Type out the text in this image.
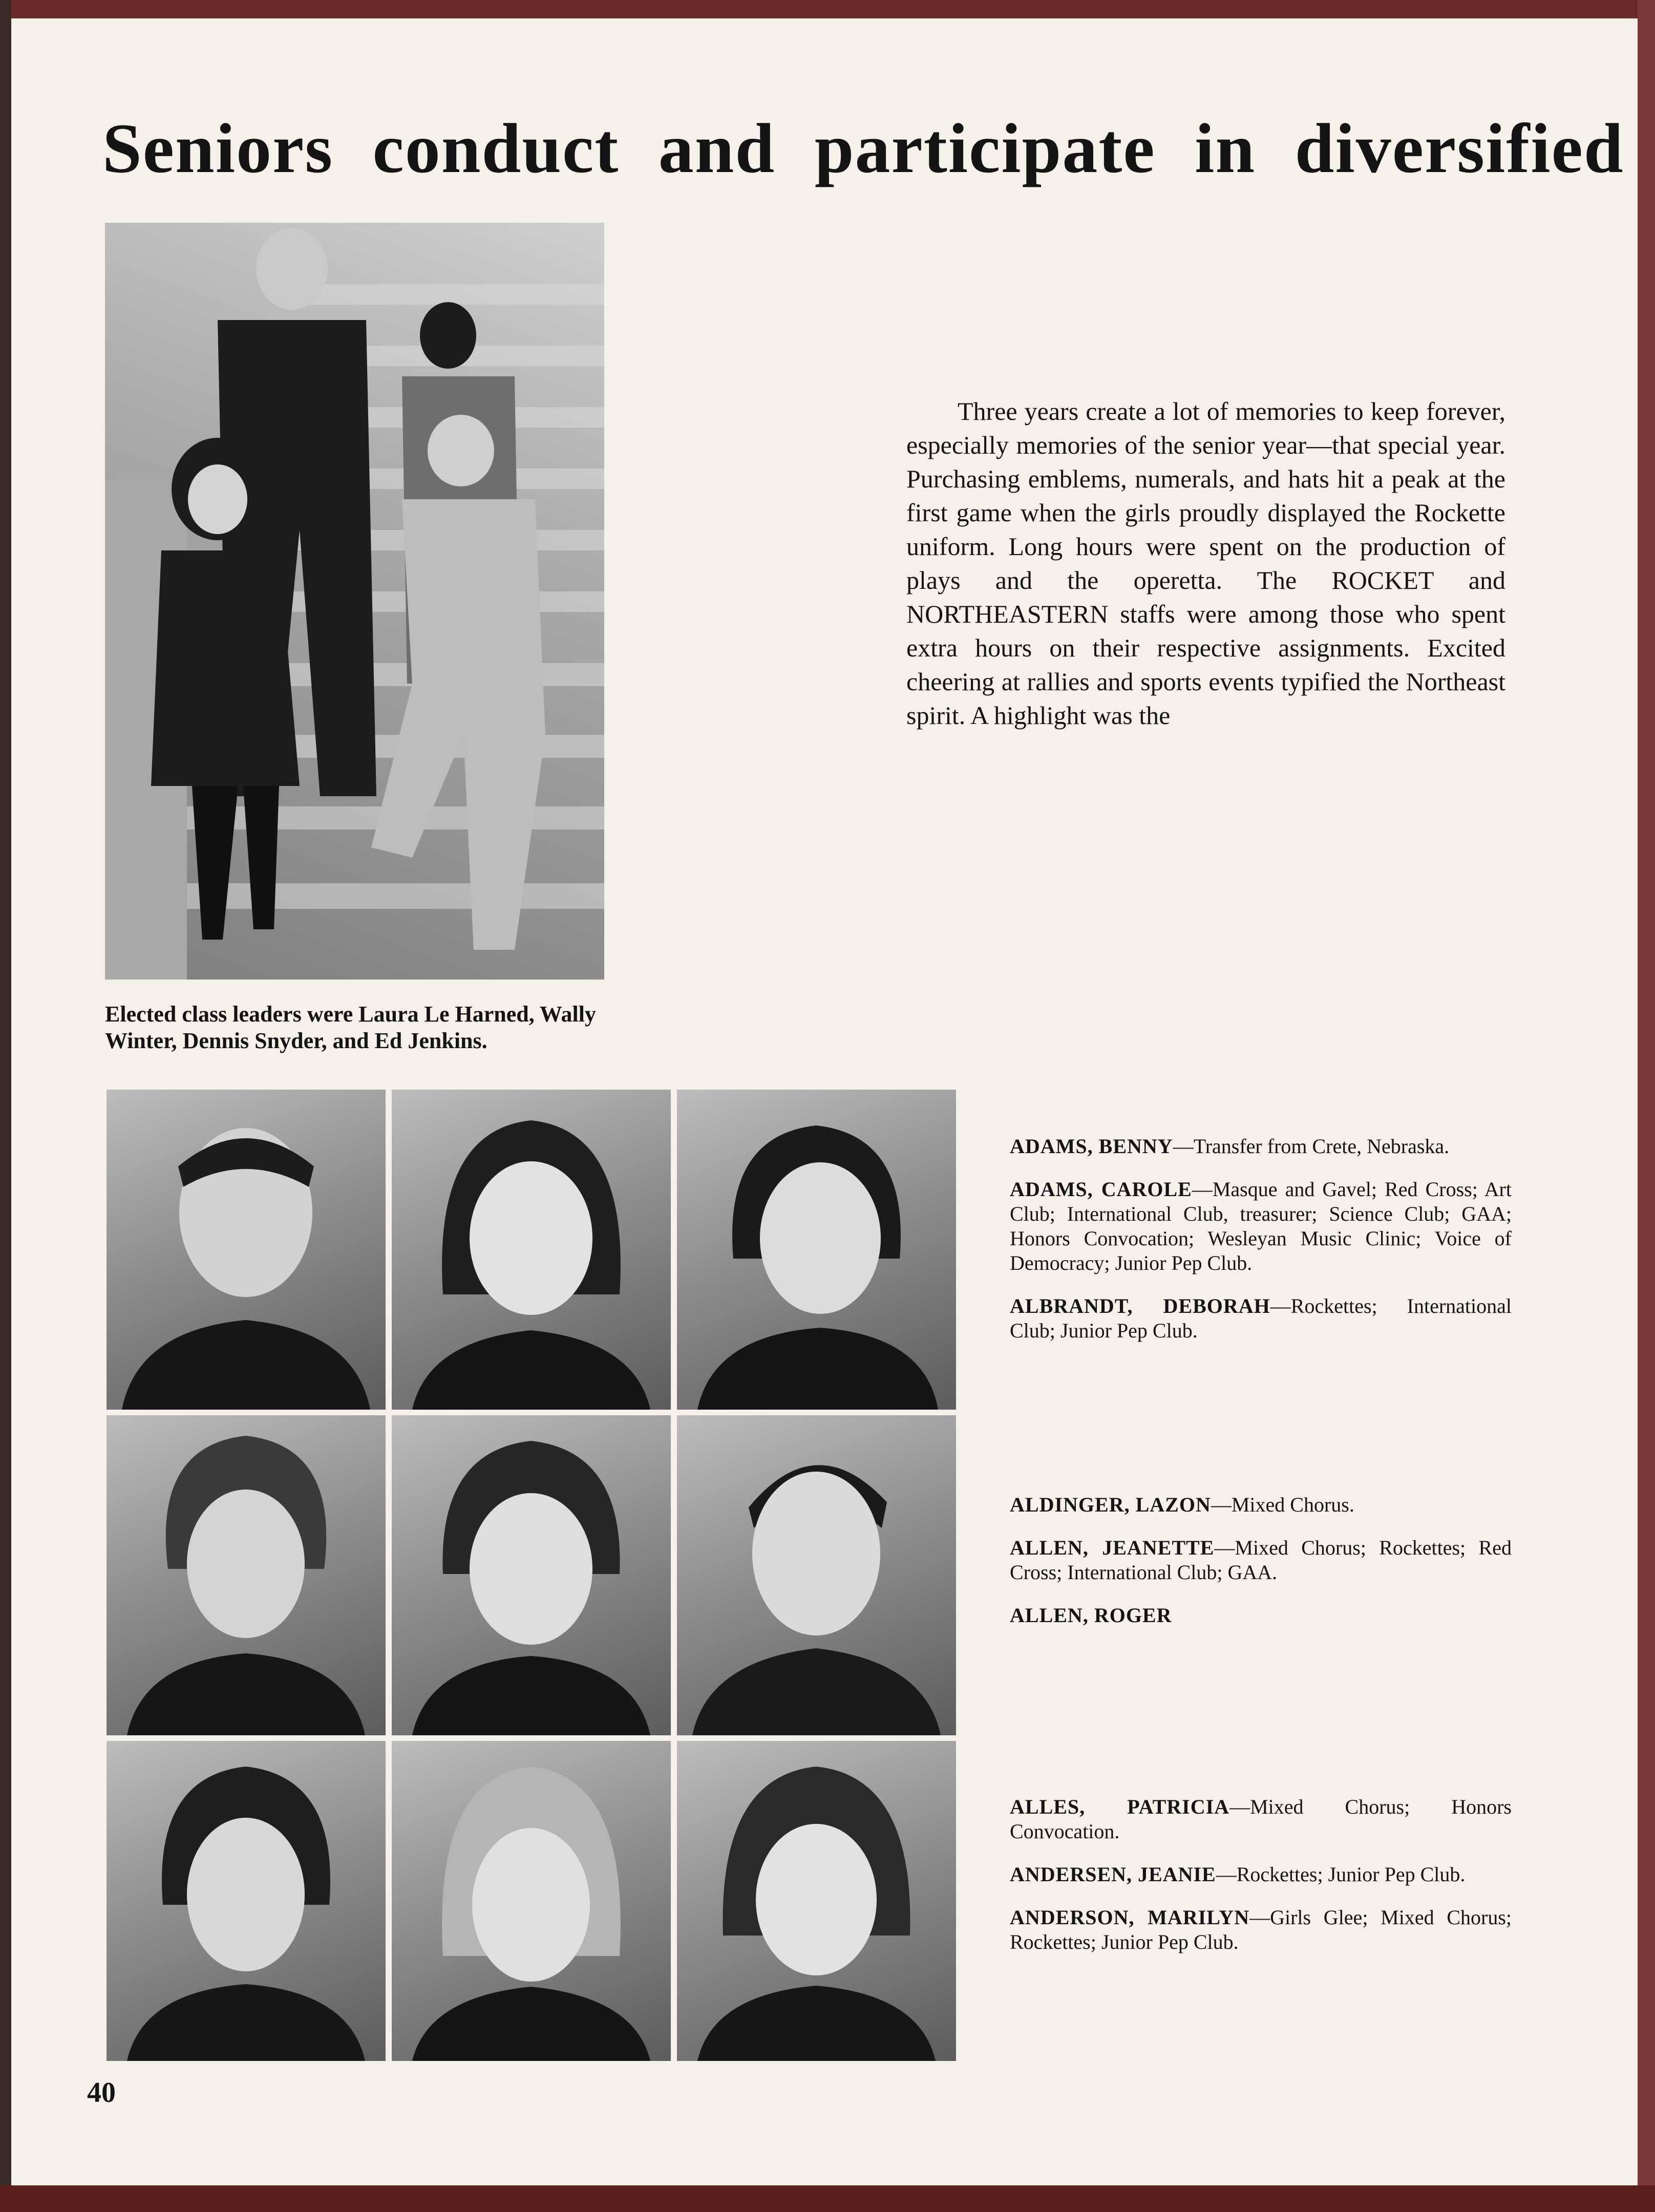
Seniors conduct and participate in diversified
Elected class leaders were Laura Le Harned, Wally Winter, Dennis Snyder, and Ed Jenkins.
Three years create a lot of memories to keep forever, especially memories of the senior year—that special year. Purchasing emblems, numerals, and hats hit a peak at the first game when the girls proudly displayed the Rockette uniform. Long hours were spent on the production of plays and the operetta. The ROCKET and NORTHEASTERN staffs were among those who spent extra hours on their respective assignments. Excited cheering at rallies and sports events typified the Northeast spirit. A highlight was the
ADAMS, BENNY—Transfer from Crete, Nebraska.
ADAMS, CAROLE—Masque and Gavel; Red Cross; Art Club; International Club, treasurer; Science Club; GAA; Honors Convocation; Wesleyan Music Clinic; Voice of Democracy; Junior Pep Club.
ALBRANDT, DEBORAH—Rockettes; International Club; Junior Pep Club.
ALDINGER, LAZON—Mixed Chorus.
ALLEN, JEANETTE—Mixed Chorus; Rockettes; Red Cross; International Club; GAA.
ALLEN, ROGER
ALLES, PATRICIA—Mixed Chorus; Honors Convocation.
ANDERSEN, JEANIE—Rockettes; Junior Pep Club.
ANDERSON, MARILYN—Girls Glee; Mixed Chorus; Rockettes; Junior Pep Club.
40
